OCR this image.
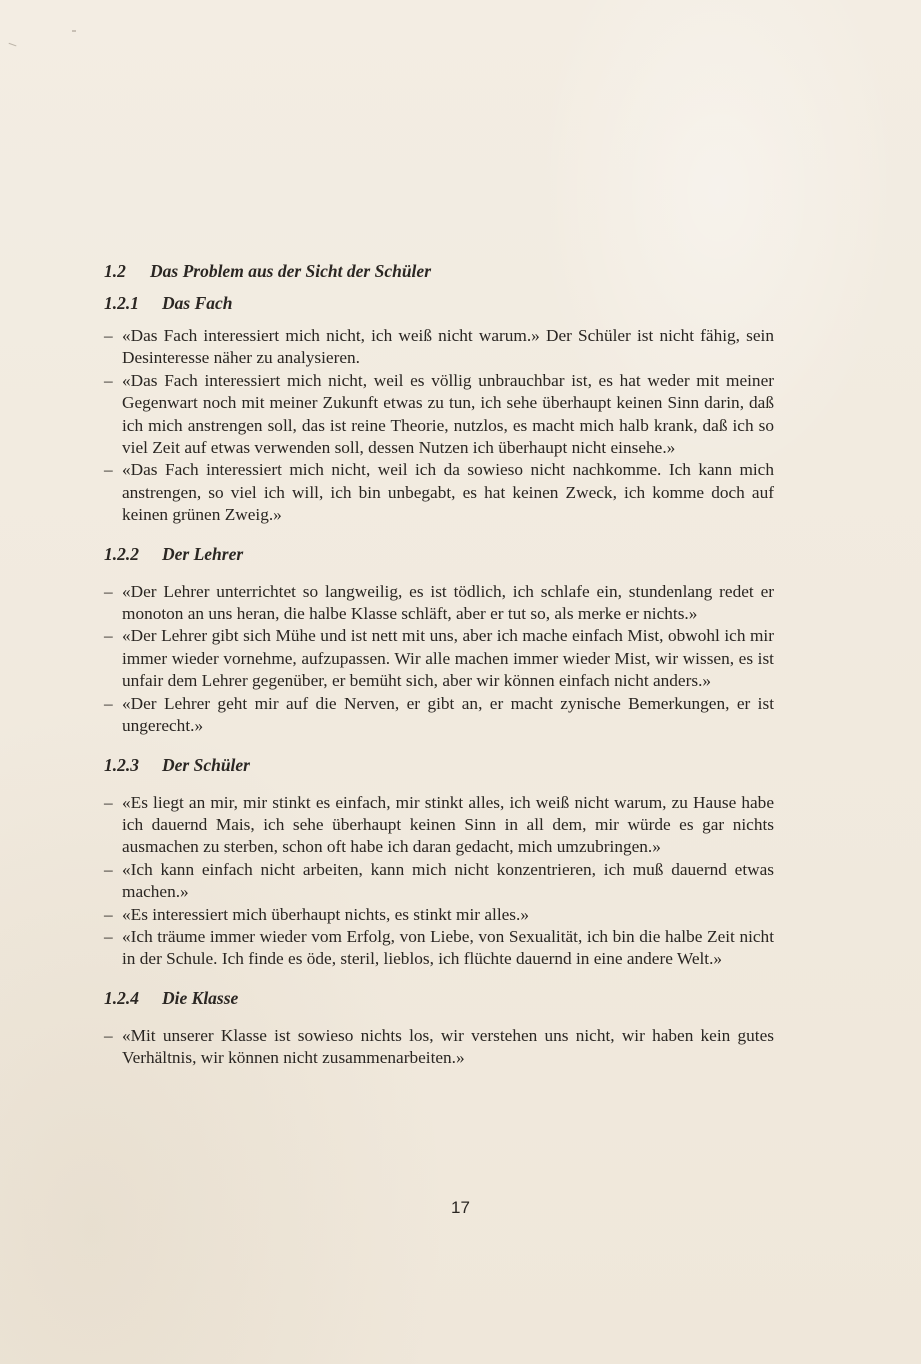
1.2 Das Problem aus der Sicht der Schüler
1.2.1 Das Fach
– «Das Fach interessiert mich nicht, ich weiß nicht warum.» Der Schüler ist nicht fähig, sein Desinteresse näher zu analysieren.
– «Das Fach interessiert mich nicht, weil es völlig unbrauchbar ist, es hat weder mit meiner Gegenwart noch mit meiner Zukunft etwas zu tun, ich sehe überhaupt keinen Sinn darin, daß ich mich anstrengen soll, das ist reine Theorie, nutzlos, es macht mich halb krank, daß ich so viel Zeit auf etwas verwenden soll, dessen Nutzen ich überhaupt nicht einsehe.»
– «Das Fach interessiert mich nicht, weil ich da sowieso nicht nachkomme. Ich kann mich anstrengen, so viel ich will, ich bin unbegabt, es hat keinen Zweck, ich komme doch auf keinen grünen Zweig.»
1.2.2 Der Lehrer
– «Der Lehrer unterrichtet so langweilig, es ist tödlich, ich schlafe ein, stundenlang redet er monoton an uns heran, die halbe Klasse schläft, aber er tut so, als merke er nichts.»
– «Der Lehrer gibt sich Mühe und ist nett mit uns, aber ich mache einfach Mist, obwohl ich mir immer wieder vornehme, aufzupassen. Wir alle machen immer wieder Mist, wir wissen, es ist unfair dem Lehrer gegenüber, er bemüht sich, aber wir können einfach nicht anders.»
– «Der Lehrer geht mir auf die Nerven, er gibt an, er macht zynische Bemerkungen, er ist ungerecht.»
1.2.3 Der Schüler
– «Es liegt an mir, mir stinkt es einfach, mir stinkt alles, ich weiß nicht warum, zu Hause habe ich dauernd Mais, ich sehe überhaupt keinen Sinn in all dem, mir würde es gar nichts ausmachen zu sterben, schon oft habe ich daran gedacht, mich umzubringen.»
– «Ich kann einfach nicht arbeiten, kann mich nicht konzentrieren, ich muß dauernd etwas machen.»
– «Es interessiert mich überhaupt nichts, es stinkt mir alles.»
– «Ich träume immer wieder vom Erfolg, von Liebe, von Sexualität, ich bin die halbe Zeit nicht in der Schule. Ich finde es öde, steril, lieblos, ich flüchte dauernd in eine andere Welt.»
1.2.4 Die Klasse
– «Mit unserer Klasse ist sowieso nichts los, wir verstehen uns nicht, wir haben kein gutes Verhältnis, wir können nicht zusammenarbeiten.»
17
